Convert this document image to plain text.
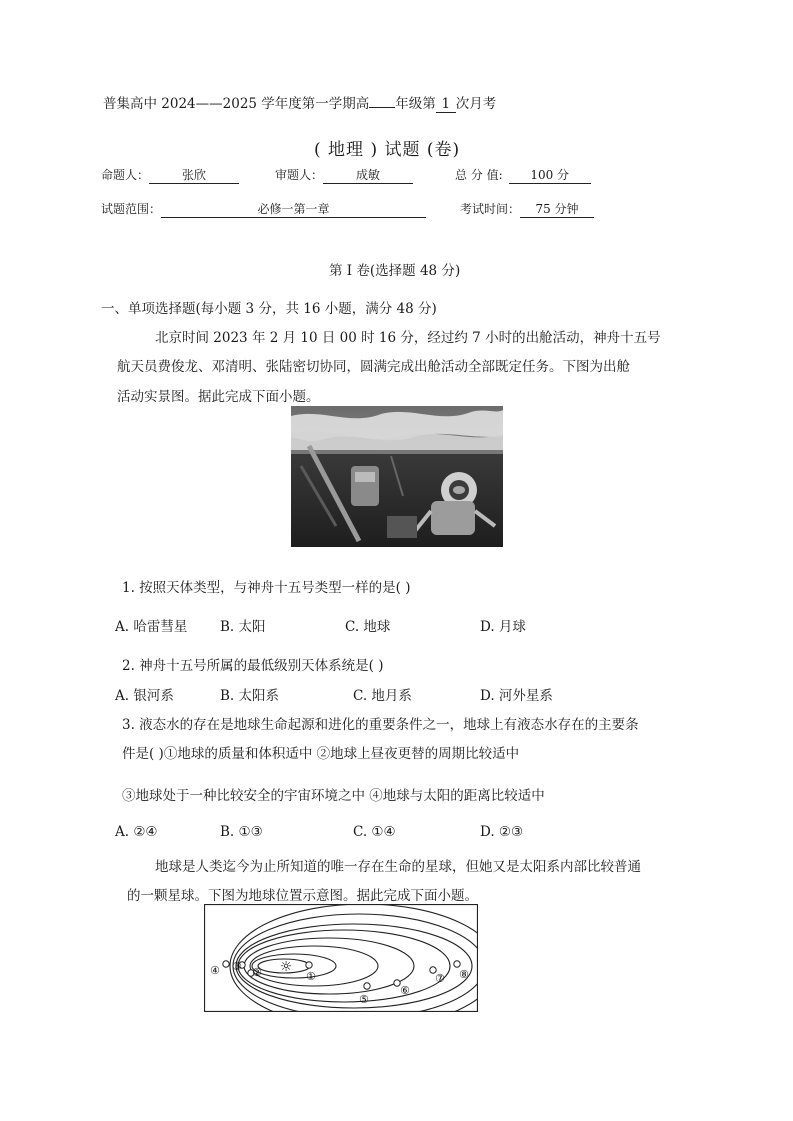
普集高中 2024——2025 学年度第一学期高 年级第 1 次月考
( 地理 ) 试题 (卷)
命题人：	张欣	审题人：	成敏	总 分 值: 100 分
试题范围：	必修一第一章	考试时间： 75 分钟
第 I 卷(选择题 48 分)
一、单项选择题(每小题 3 分，共 16 小题，满分 48 分)
北京时间 2023 年 2 月 10 日 00 时 16 分，经过约 7 小时的出舱活动，神舟十五号
航天员费俊龙、邓清明、张陆密切协同，圆满完成出舱活动全部既定任务。下图为出舱
活动实景图。据此完成下面小题。
1. 按照天体类型，与神舟十五号类型一样的是( )
A. 哈雷彗星 B. 太阳	C. 地球	D. 月球
2. 神舟十五号所属的最低级别天体系统是( )
A. 银河系	B. 太阳系	C. 地月系	D. 河外星系
3. 液态水的存在是地球生命起源和进化的重要条件之一，地球上有液态水存在的主要条
件是( )①地球的质量和体积适中 ②地球上昼夜更替的周期比较适中
③地球处于一种比较安全的宇宙环境之中 ④地球与太阳的距离比较适中
A. ②④	B. ①③	C. ①④	D. ②③
地球是人类迄今为止所知道的唯一存在生命的星球，但她又是太阳系内部比较普通
的一颗星球。下图为地球位置示意图。据此完成下面小题。
☼
①
②
③
④
⑤
⑥
⑦ ⑧
